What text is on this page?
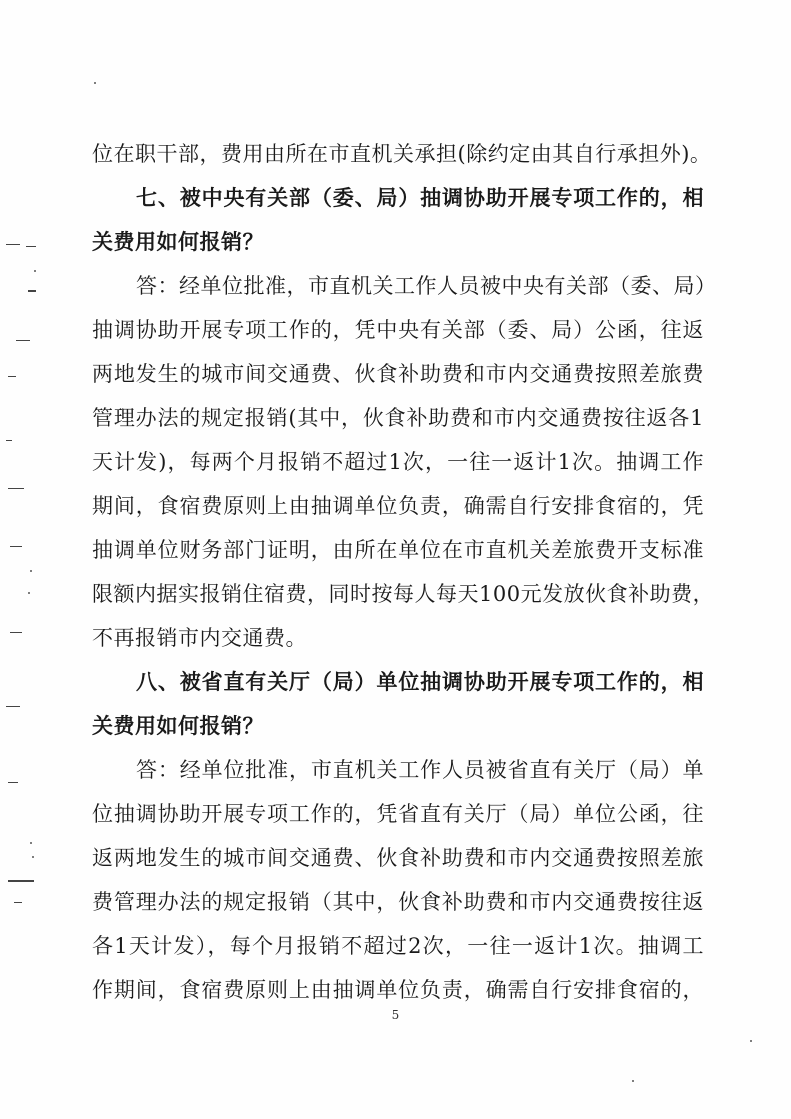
位在职干部，费用由所在市直机关承担(除约定由其自行承担外)。
七、被中央有关部（委、局）抽调协助开展专项工作的，相
关费用如何报销？
答：经单位批准，市直机关工作人员被中央有关部（委、局）
抽调协助开展专项工作的，凭中央有关部（委、局）公函，往返
两地发生的城市间交通费、伙食补助费和市内交通费按照差旅费
管理办法的规定报销(其中，伙食补助费和市内交通费按往返各1
天计发)，每两个月报销不超过1次，一往一返计1次。抽调工作
期间，食宿费原则上由抽调单位负责，确需自行安排食宿的，凭
抽调单位财务部门证明，由所在单位在市直机关差旅费开支标准
限额内据实报销住宿费，同时按每人每天100元发放伙食补助费，
不再报销市内交通费。
八、被省直有关厅（局）单位抽调协助开展专项工作的，相
关费用如何报销？
答：经单位批准，市直机关工作人员被省直有关厅（局）单
位抽调协助开展专项工作的，凭省直有关厅（局）单位公函，往
返两地发生的城市间交通费、伙食补助费和市内交通费按照差旅
费管理办法的规定报销（其中，伙食补助费和市内交通费按往返
各1天计发），每个月报销不超过2次，一往一返计1次。抽调工
作期间，食宿费原则上由抽调单位负责，确需自行安排食宿的，
5
